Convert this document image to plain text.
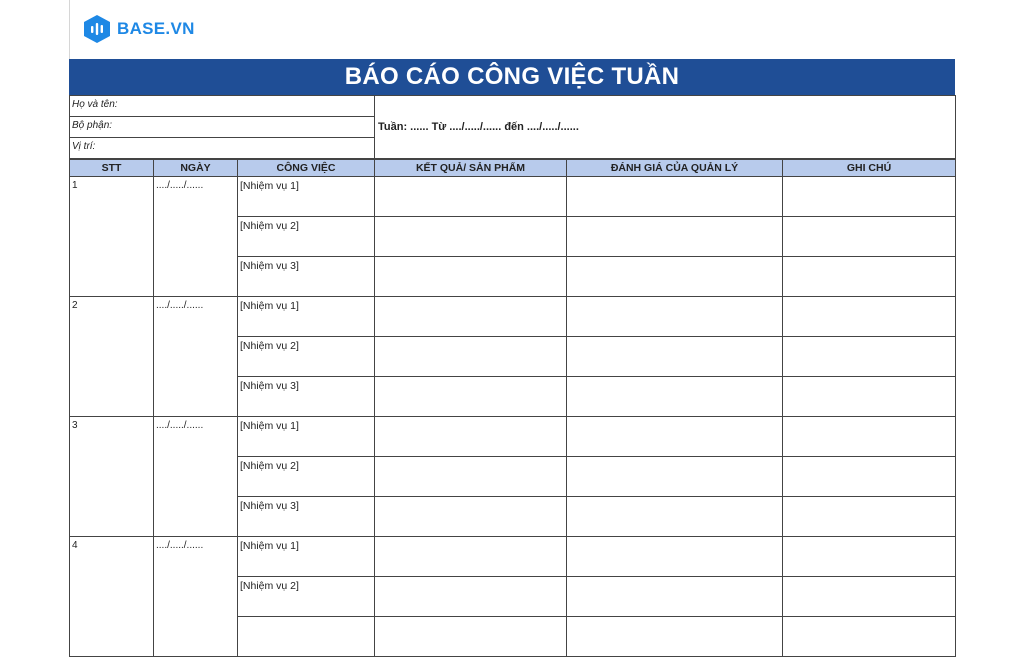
BASE.VN
BÁO CÁO CÔNG VIỆC TUẦN
Họ và tên:	Tuần: ...... Từ ..../...../...... đến ..../...../......
Bộ phận:
Vị trí:
STT	NGÀY	CÔNG VIỆC	KẾT QUẢ/ SẢN PHẨM	ĐÁNH GIÁ CỦA QUẢN LÝ	GHI CHÚ
1	..../...../......	[Nhiệm vụ 1]			
		[Nhiệm vụ 2]			
		[Nhiệm vụ 3]			
2	..../...../......	[Nhiệm vụ 1]			
		[Nhiệm vụ 2]			
		[Nhiệm vụ 3]			
3	..../...../......	[Nhiệm vụ 1]			
		[Nhiệm vụ 2]			
		[Nhiệm vụ 3]			
4	..../...../......	[Nhiệm vụ 1]			
		[Nhiệm vụ 2]			
